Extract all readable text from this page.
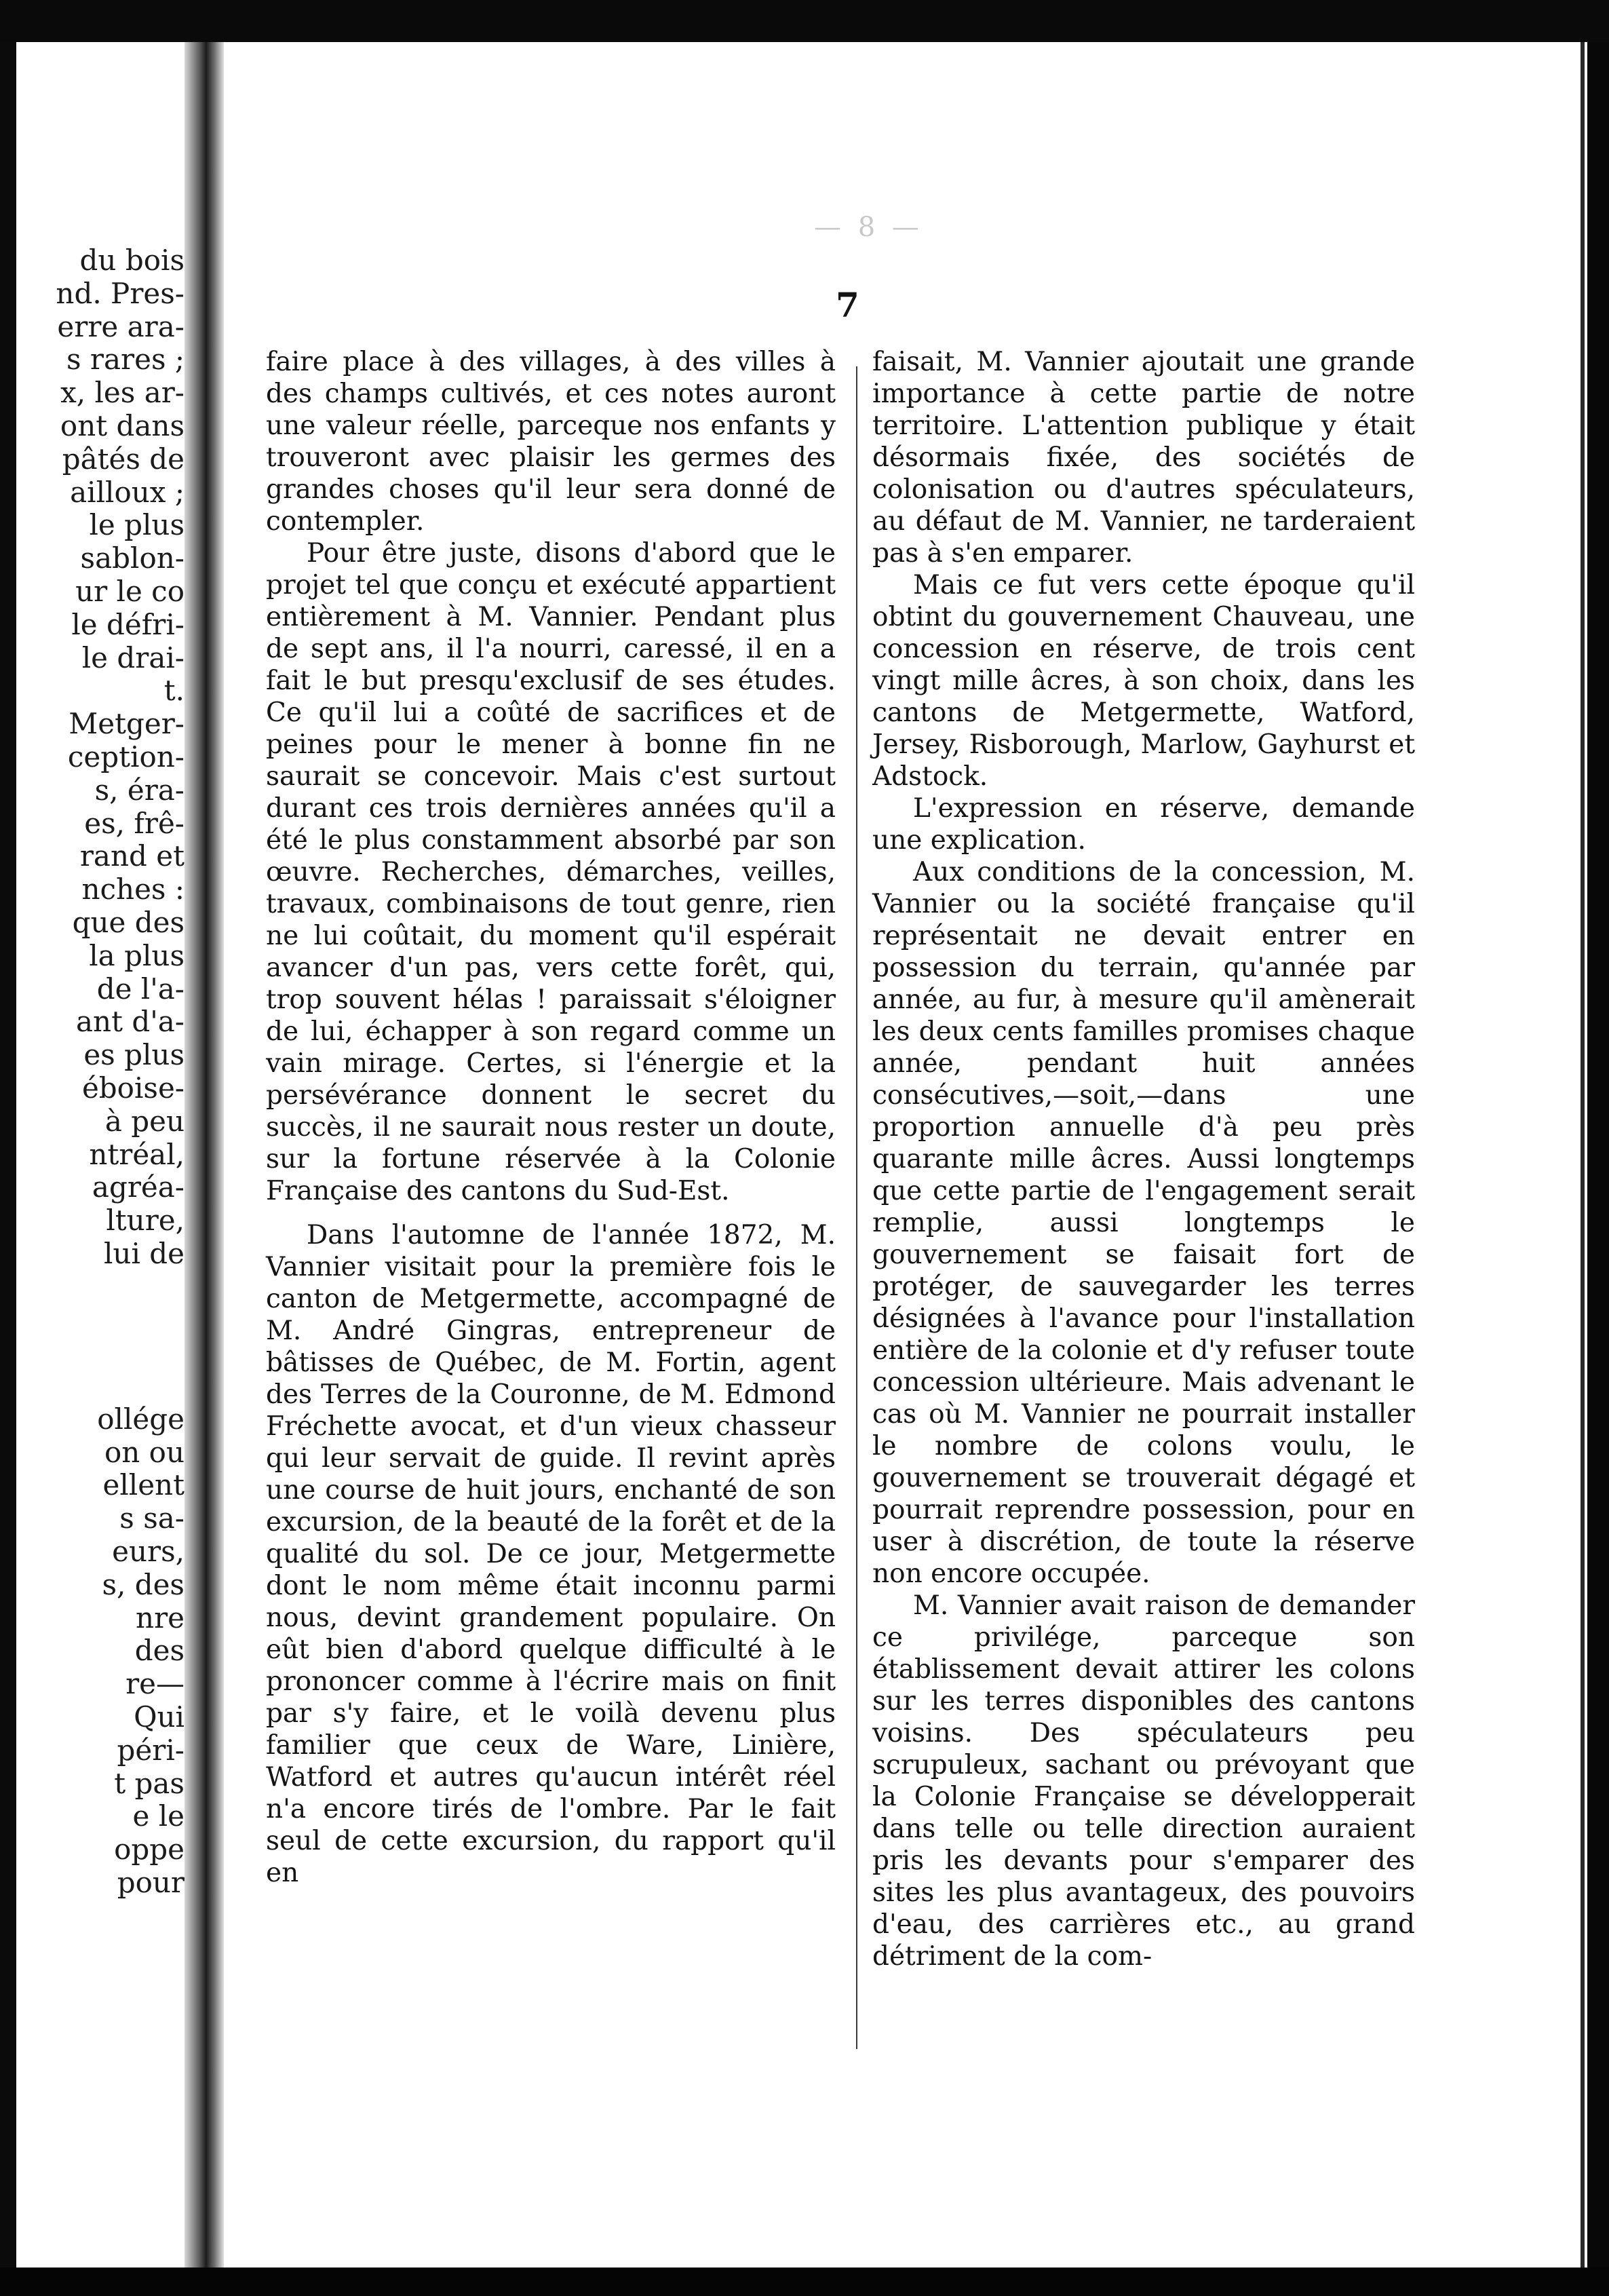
du bois
nd. Pres-
erre ara-
s rares ;
x, les ar-
ont dans
pâtés de
ailloux ;
le plus
sablon-
ur le co
le défri-
le drai-
t.
Metger-
ception-
s, éra-
es, frê-
rand et
nches :
que des
la plus
de l'a-
ant d'a-
es plus
éboise-
à peu
ntréal,
agréa-
lture,
lui de

ollége
on ou
ellent
s sa-
eurs,
s, des
nre
des
re—
Qui
péri-
t pas
e le
oppe
pour
— 8 —
7

faire place à des villages, à des villes à des champs cultivés, et ces notes auront une valeur réelle, parceque nos enfants y trouveront avec plaisir les germes des grandes choses qu'il leur sera donné de contempler.

Pour être juste, disons d'abord que le projet tel que conçu et exécuté appartient entièrement à M. Vannier. Pendant plus de sept ans, il l'a nourri, caressé, il en a fait le but presqu'exclusif de ses études. Ce qu'il lui a coûté de sacrifices et de peines pour le mener à bonne fin ne saurait se concevoir. Mais c'est surtout durant ces trois dernières années qu'il a été le plus constamment absorbé par son œuvre. Recherches, démarches, veilles, travaux, combinaisons de tout genre, rien ne lui coûtait, du moment qu'il espérait avancer d'un pas, vers cette forêt, qui, trop souvent hélas ! paraissait s'éloigner de lui, échapper à son regard comme un vain mirage. Certes, si l'énergie et la persévérance donnent le secret du succès, il ne saurait nous rester un doute, sur la fortune réservée à la Colonie Française des cantons du Sud-Est.

Dans l'automne de l'année 1872, M. Vannier visitait pour la première fois le canton de Metgermette, accompagné de M. André Gingras, entrepreneur de bâtisses de Québec, de M. Fortin, agent des Terres de la Couronne, de M. Edmond Fréchette avocat, et d'un vieux chasseur qui leur servait de guide. Il revint après une course de huit jours, enchanté de son excursion, de la beauté de la forêt et de la qualité du sol. De ce jour, Metgermette dont le nom même était inconnu parmi nous, devint grandement populaire. On eût bien d'abord quelque difficulté à le prononcer comme à l'écrire mais on finit par s'y faire, et le voilà devenu plus familier que ceux de Ware, Linière, Watford et autres qu'aucun intérêt réel n'a encore tirés de l'ombre. Par le fait seul de cette excursion, du rapport qu'il en

faisait, M. Vannier ajoutait une grande importance à cette partie de notre territoire. L'attention publique y était désormais fixée, des sociétés de colonisation ou d'autres spéculateurs, au défaut de M. Vannier, ne tarderaient pas à s'en emparer.

Mais ce fut vers cette époque qu'il obtint du gouvernement Chauveau, une concession en réserve, de trois cent vingt mille âcres, à son choix, dans les cantons de Metgermette, Watford, Jersey, Risborough, Marlow, Gayhurst et Adstock.

L'expression en réserve, demande une explication.

Aux conditions de la concession, M. Vannier ou la société française qu'il représentait ne devait entrer en possession du terrain, qu'année par année, au fur, à mesure qu'il amènerait les deux cents familles promises chaque année, pendant huit années consécutives,—soit,—dans une proportion annuelle d'à peu près quarante mille âcres. Aussi longtemps que cette partie de l'engagement serait remplie, aussi longtemps le gouvernement se faisait fort de protéger, de sauvegarder les terres désignées à l'avance pour l'installation entière de la colonie et d'y refuser toute concession ultérieure. Mais advenant le cas où M. Vannier ne pourrait installer le nombre de colons voulu, le gouvernement se trouverait dégagé et pourrait reprendre possession, pour en user à discrétion, de toute la réserve non encore occupée.

M. Vannier avait raison de demander ce privilége, parceque son établissement devait attirer les colons sur les terres disponibles des cantons voisins. Des spéculateurs peu scrupuleux, sachant ou prévoyant que la Colonie Française se développerait dans telle ou telle direction auraient pris les devants pour s'emparer des sites les plus avantageux, des pouvoirs d'eau, des carrières etc., au grand détriment de la com-
